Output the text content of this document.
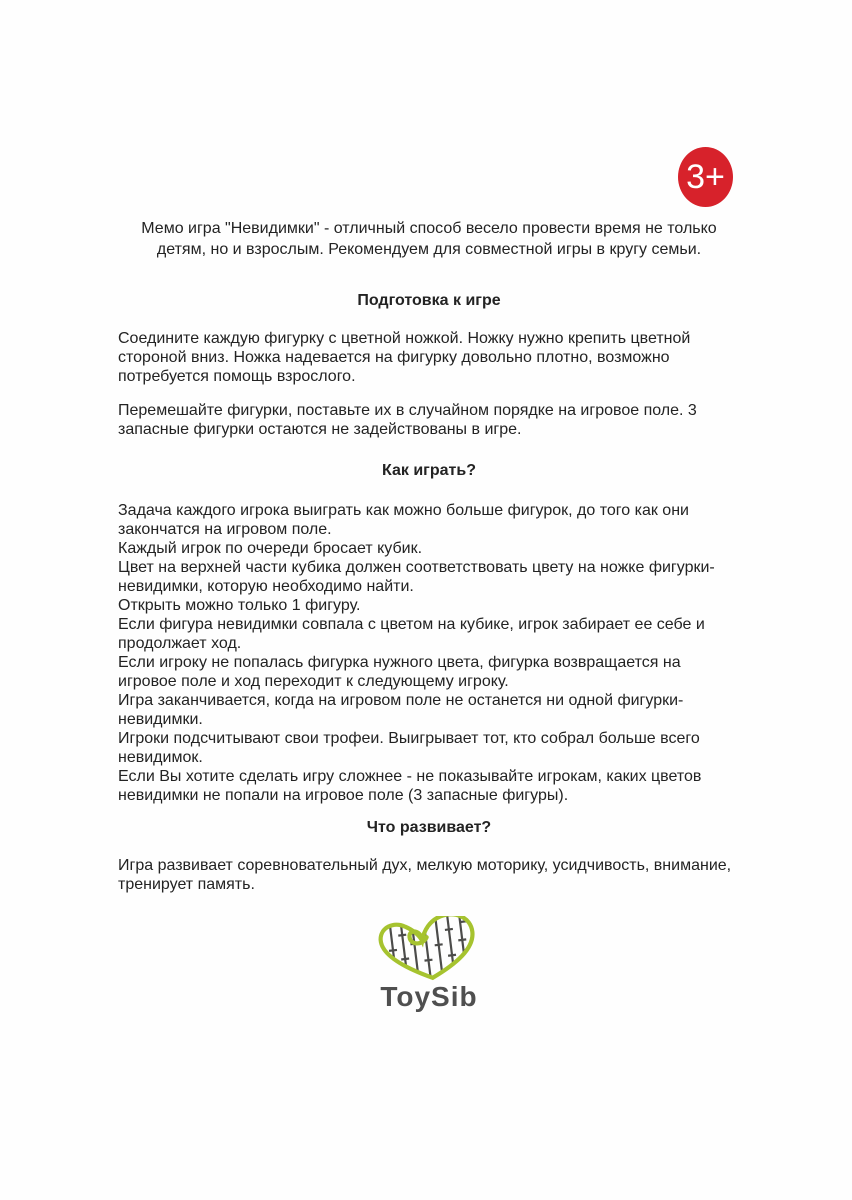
3+

Мемо игра "Невидимки" - отличный способ весело провести время не только детям, но и взрослым. Рекомендуем для совместной игры в кругу семьи.

Подготовка к игре

Соедините каждую фигурку с цветной ножкой. Ножку нужно крепить цветной стороной вниз. Ножка надевается на фигурку довольно плотно, возможно потребуется помощь взрослого.

Перемешайте фигурки, поставьте их в случайном порядке на игровое поле. 3 запасные фигурки остаются не задействованы в игре.

Как играть?

Задача каждого игрока выиграть как можно больше фигурок, до того как они закончатся на игровом поле.

Каждый игрок по очереди бросает кубик.

Цвет на верхней части кубика должен соответствовать цвету на ножке фигурки-невидимки, которую необходимо найти.

Открыть можно только 1 фигуру.

Если фигура невидимки совпала с цветом на кубике, игрок забирает ее себе и продолжает ход.

Если игроку не попалась фигурка нужного цвета, фигурка возвращается на игровое поле и ход переходит к следующему игроку.

Игра заканчивается, когда на игровом поле не останется ни одной фигурки-невидимки.

Игроки подсчитывают свои трофеи. Выигрывает тот, кто собрал больше всего невидимок.

Если Вы хотите сделать игру сложнее - не показывайте игрокам, каких цветов невидимки не попали на игровое поле (3 запасные фигуры).

Что развивает?

Игра развивает соревновательный дух, мелкую моторику, усидчивость, внимание, тренирует память.

ToySib
